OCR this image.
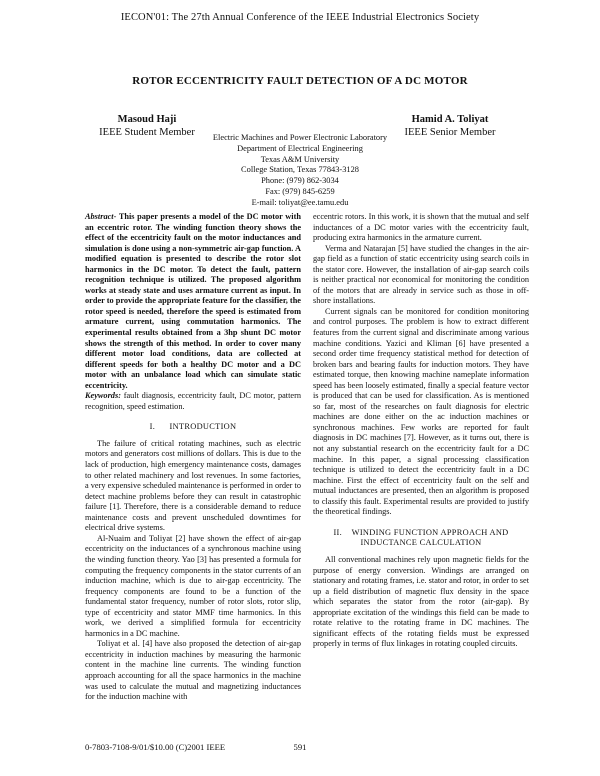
IECON'01: The 27th Annual Conference of the IEEE Industrial Electronics Society
ROTOR ECCENTRICITY FAULT DETECTION OF A DC MOTOR
Masoud Haji
IEEE Student Member
Hamid A. Toliyat
IEEE Senior Member
Electric Machines and Power Electronic Laboratory
Department of Electrical Engineering
Texas A&M University
College Station, Texas 77843-3128
Phone: (979) 862-3034
Fax: (979) 845-6259
E-mail: toliyat@ee.tamu.edu
Abstract- This paper presents a model of the DC motor with an eccentric rotor. The winding function theory shows the effect of the eccentricity fault on the motor inductances and simulation is done using a non-symmetric air-gap function. A modified equation is presented to describe the rotor slot harmonics in the DC motor. To detect the fault, pattern recognition technique is utilized. The proposed algorithm works at steady state and uses armature current as input. In order to provide the appropriate feature for the classifier, the rotor speed is needed, therefore the speed is estimated from armature current, using commutation harmonics. The experimental results obtained from a 3hp shunt DC motor shows the strength of this method. In order to cover many different motor load conditions, data are collected at different speeds for both a healthy DC motor and a DC motor with an unbalance load which can simulate static eccentricity.
Keywords: fault diagnosis, eccentricity fault, DC motor, pattern recognition, speed estimation.
I. INTRODUCTION

The failure of critical rotating machines, such as electric motors and generators cost millions of dollars. This is due to the lack of production, high emergency maintenance costs, damages to other related machinery and lost revenues. In some factories, a very expensive scheduled maintenance is performed in order to detect machine problems before they can result in catastrophic failure [1]. Therefore, there is a considerable demand to reduce maintenance costs and prevent unscheduled downtimes for electrical drive systems.

Al-Nuaim and Toliyat [2] have shown the effect of air-gap eccentricity on the inductances of a synchronous machine using the winding function theory. Yao [3] has presented a formula for computing the frequency components in the stator currents of an induction machine, which is due to air-gap eccentricity. The frequency components are found to be a function of the fundamental stator frequency, number of rotor slots, rotor slip, type of eccentricity and stator MMF time harmonics. In this work, we derived a simplified formula for eccentricity harmonics in a DC machine.

Toliyat et al. [4] have also proposed the detection of air-gap eccentricity in induction machines by measuring the harmonic content in the machine line currents. The winding function approach accounting for all the space harmonics in the machine was used to calculate the mutual and magnetizing inductances for the induction machine with

eccentric rotors. In this work, it is shown that the mutual and self inductances of a DC motor varies with the eccentricity fault, producing extra harmonics in the armature current.

Verma and Natarajan [5] have studied the changes in the air-gap field as a function of static eccentricity using search coils in the stator core. However, the installation of air-gap search coils is neither practical nor economical for monitoring the condition of the motors that are already in service such as those in off-shore installations.

Current signals can be monitored for condition monitoring and control purposes. The problem is how to extract different features from the current signal and discriminate among various machine conditions. Yazici and Kliman [6] have presented a second order time frequency statistical method for detection of broken bars and bearing faults for induction motors. They have estimated torque, then knowing machine nameplate information speed has been loosely estimated, finally a special feature vector is produced that can be used for classification. As is mentioned so far, most of the researches on fault diagnosis for electric machines are done either on the ac induction machines or synchronous machines. Few works are reported for fault diagnosis in DC machines [7]. However, as it turns out, there is not any substantial research on the eccentricity fault for a DC machine. In this paper, a signal processing classification technique is utilized to detect the eccentricity fault in a DC machine. First the effect of eccentricity fault on the self and mutual inductances are presented, then an algorithm is proposed to classify this fault. Experimental results are provided to justify the theoretical findings.

II. WINDING FUNCTION APPROACH AND INDUCTANCE CALCULATION

All conventional machines rely upon magnetic fields for the purpose of energy conversion. Windings are arranged on stationary and rotating frames, i.e. stator and rotor, in order to set up a field distribution of magnetic flux density in the space which separates the stator from the rotor (air-gap). By appropriate excitation of the windings this field can be made to rotate relative to the rotating frame in DC machines. The significant effects of the rotating fields must be expressed properly in terms of flux linkages in rotating coupled circuits.

0-7803-7108-9/01/$10.00 (C)2001 IEEE	591
